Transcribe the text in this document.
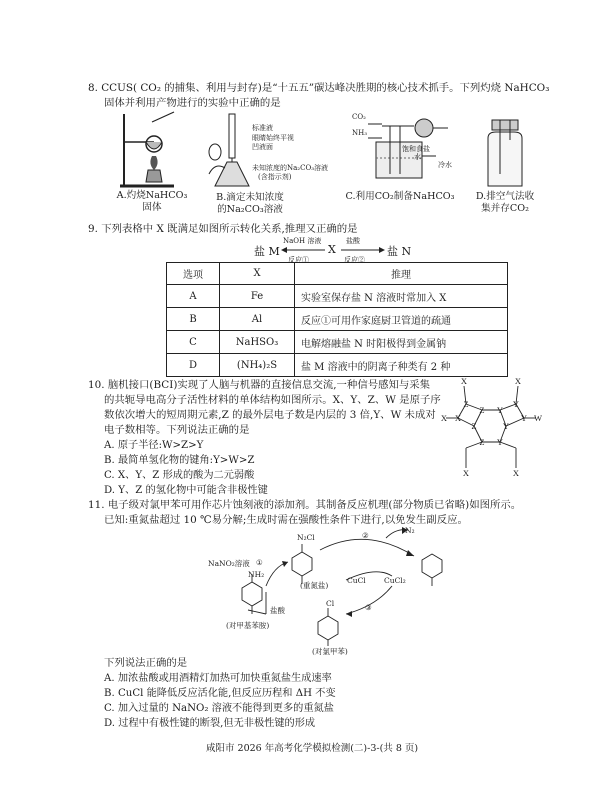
8. CCUS( CO₂ 的捕集、利用与封存)是“十五五”碳达峰决胜期的核心技术抓手。下列灼烧 NaHCO₃
固体并利用产物进行的实验中正确的是
A.灼烧NaHCO₃
固体
标准液
眼睛始终平视
凹液面
未知浓度的Na₂CO₃溶液
(含指示剂)
B.滴定未知浓度
的Na₂CO₃溶液
CO₂
NH₃
饱和食盐
水
冷水
C.利用CO₂制备NaHCO₃	D.排空气法收
集并存CO₂
9. 下列表格中 X 既满足如图所示转化关系,推理又正确的是
盐 M
NaOH 溶液
反应①
X
盐酸
反应②
盐 N
选项	X	推理
A	Fe	实验室保存盐 N 溶液时常加入 X
B	Al	反应①可用作家庭厨卫管道的疏通
C	NaHSO₃	电解熔融盐 N 时阳极得到金属钠
D	(NH₄)₂S	盐 M 溶液中的阴离子种类有 2 种
10. 脑机接口(BCI)实现了人脑与机器的直接信息交流,一种信号感知与采集
的共轭导电高分子活性材料的单体结构如图所示。X、Y、Z、W 是原子序
数依次增大的短周期元素,Z 的最外层电子数是内层的 3 倍,Y、W 未成对
电子数相等。下列说法正确的是
A. 原子半径:W>Z>Y
B. 最简单氢化物的键角:Y>W>Z
C. X、Y、Z 形成的酸为二元弱酸
D. Y、Z 的氢化物中可能含非极性键
X
X
W
X
X	X
Y
Z
Y
X
Y
Z
Y
Z
Y
Z
11. 电子级对氯甲苯可用作芯片蚀刻液的添加剂。其制备反应机理(部分物质已省略)如图所示。
已知:重氮盐超过 10 ℃易分解;生成时需在强酸性条件下进行,以免发生副反应。
N₂Cl	②
N₂
NaNO₂溶液 ①
(重氮盐)
CuCl CuCl₂
NH₂
盐酸	③
Cl
(对甲基苯胺)
(对氯甲苯)
下列说法正确的是
A. 加浓盐酸或用酒精灯加热可加快重氮盐生成速率
B. CuCl 能降低反应活化能,但反应历程和 ΔH 不变
C. 加入过量的 NaNO₂ 溶液不能得到更多的重氮盐
D. 过程中有极性键的断裂,但无非极性键的形成
咸阳市 2026 年高考化学模拟检测(二)-3-(共 8 页)
